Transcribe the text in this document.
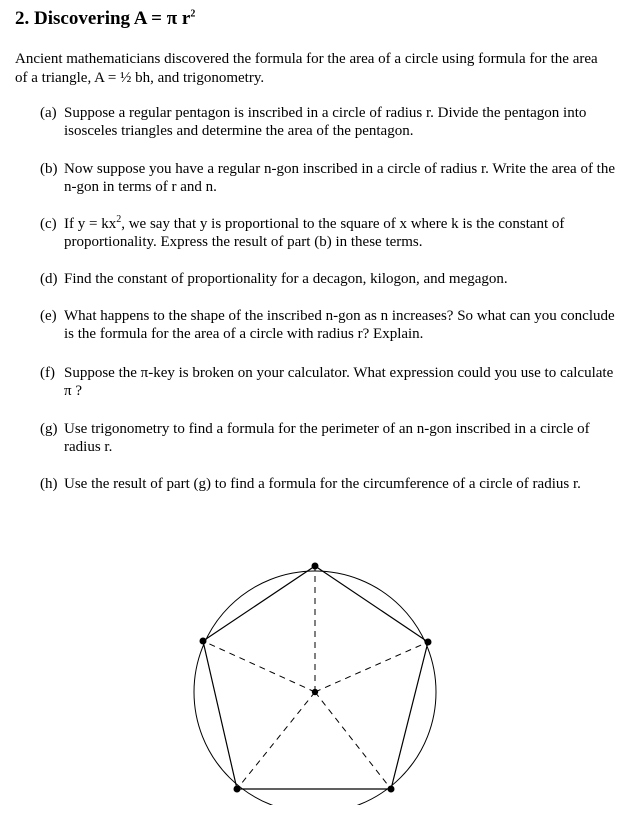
2. Discovering A = π $r^2$
Ancient mathematicians discovered the formula for the area of a circle using formula for the area of a triangle, A = ½ bh, and trigonometry.
(a) Suppose a regular pentagon is inscribed in a circle of radius r. Divide the pentagon into isosceles triangles and determine the area of the pentagon.
(b) Now suppose you have a regular n-gon inscribed in a circle of radius r. Write the area of the n-gon in terms of r and n.
(c) If $y = kx^2$, we say that y is proportional to the square of x where k is the constant of proportionality. Express the result of part (b) in these terms.
(d) Find the constant of proportionality for a decagon, kilogon, and megagon.
(e) What happens to the shape of the inscribed n-gon as n increases? So what can you conclude is the formula for the area of a circle with radius r? Explain.
(f) Suppose the π-key is broken on your calculator. What expression could you use to calculate π ?
(g) Use trigonometry to find a formula for the perimeter of an n-gon inscribed in a circle of radius r.
(h) Use the result of part (g) to find a formula for the circumference of a circle of radius r.
